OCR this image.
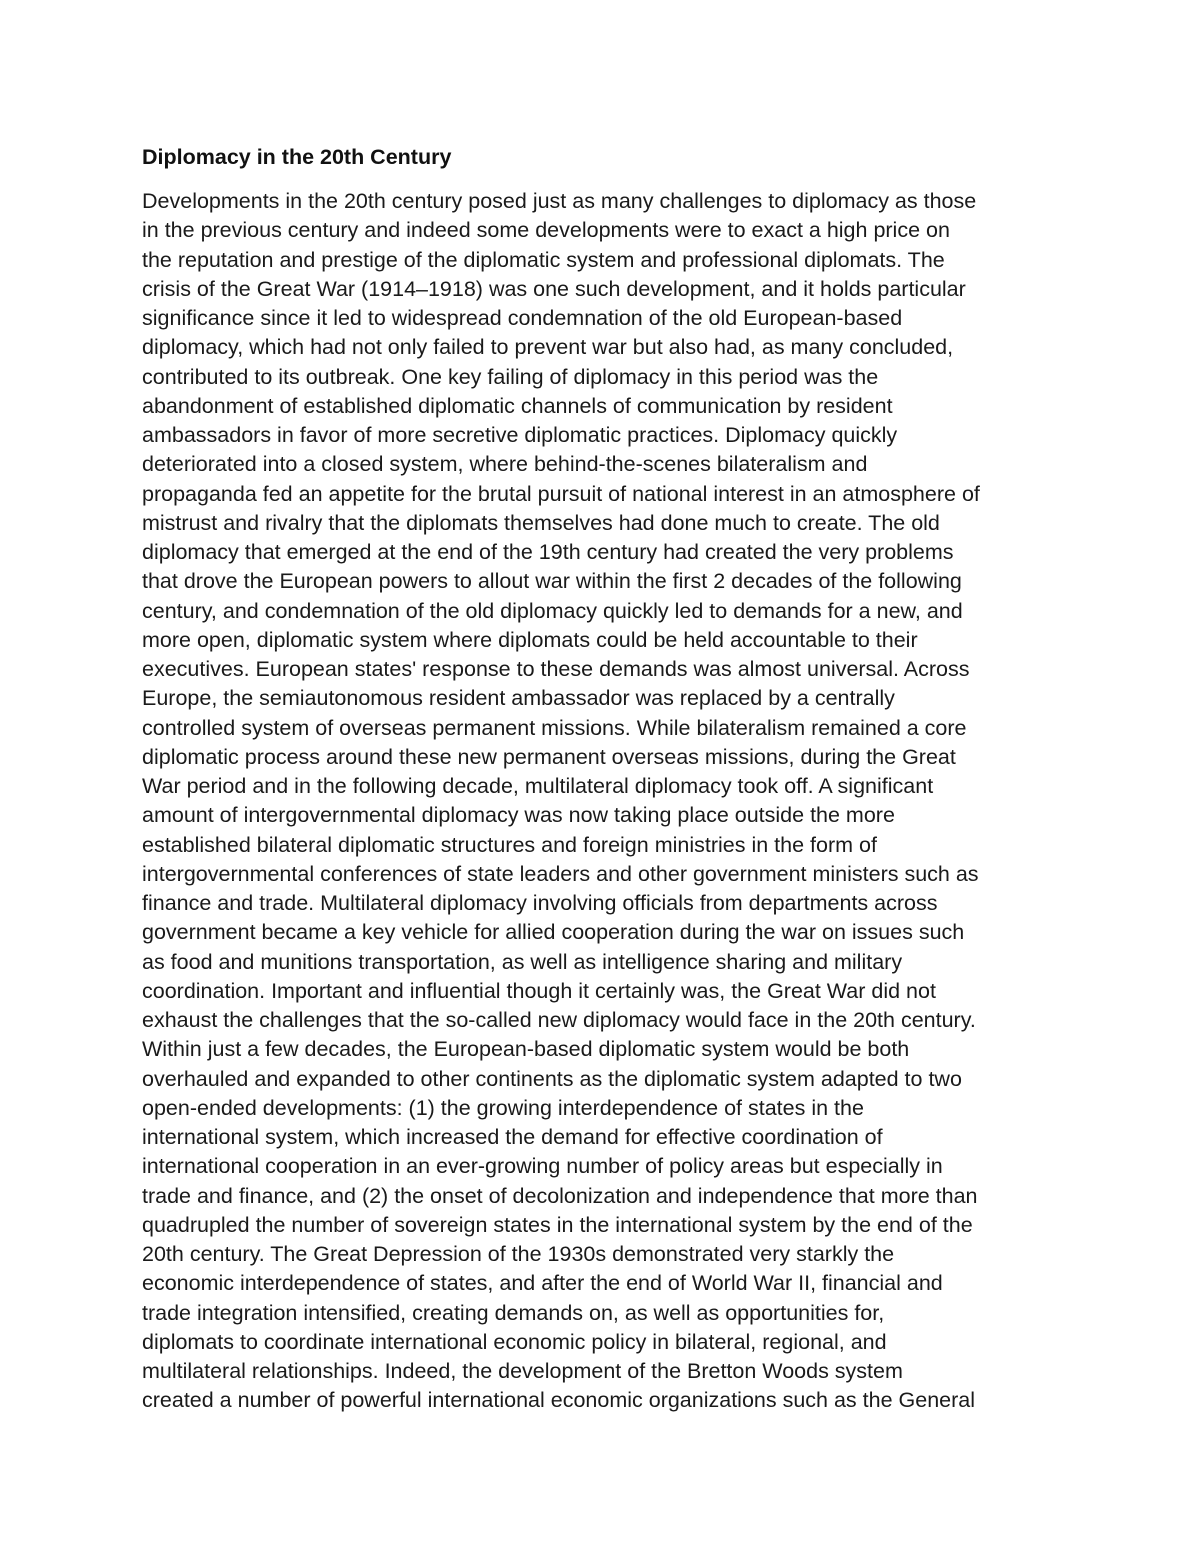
Diplomacy in the 20th Century
Developments in the 20th century posed just as many challenges to diplomacy as those
in the previous century and indeed some developments were to exact a high price on
the reputation and prestige of the diplomatic system and professional diplomats. The
crisis of the Great War (1914–1918) was one such development, and it holds particular
significance since it led to widespread condemnation of the old European-based
diplomacy, which had not only failed to prevent war but also had, as many concluded,
contributed to its outbreak. One key failing of diplomacy in this period was the
abandonment of established diplomatic channels of communication by resident
ambassadors in favor of more secretive diplomatic practices. Diplomacy quickly
deteriorated into a closed system, where behind-the-scenes bilateralism and
propaganda fed an appetite for the brutal pursuit of national interest in an atmosphere of
mistrust and rivalry that the diplomats themselves had done much to create. The old
diplomacy that emerged at the end of the 19th century had created the very problems
that drove the European powers to allout war within the first 2 decades of the following
century, and condemnation of the old diplomacy quickly led to demands for a new, and
more open, diplomatic system where diplomats could be held accountable to their
executives. European states' response to these demands was almost universal. Across
Europe, the semiautonomous resident ambassador was replaced by a centrally
controlled system of overseas permanent missions. While bilateralism remained a core
diplomatic process around these new permanent overseas missions, during the Great
War period and in the following decade, multilateral diplomacy took off. A significant
amount of intergovernmental diplomacy was now taking place outside the more
established bilateral diplomatic structures and foreign ministries in the form of
intergovernmental conferences of state leaders and other government ministers such as
finance and trade. Multilateral diplomacy involving officials from departments across
government became a key vehicle for allied cooperation during the war on issues such
as food and munitions transportation, as well as intelligence sharing and military
coordination. Important and influential though it certainly was, the Great War did not
exhaust the challenges that the so-called new diplomacy would face in the 20th century.
Within just a few decades, the European-based diplomatic system would be both
overhauled and expanded to other continents as the diplomatic system adapted to two
open-ended developments: (1) the growing interdependence of states in the
international system, which increased the demand for effective coordination of
international cooperation in an ever-growing number of policy areas but especially in
trade and finance, and (2) the onset of decolonization and independence that more than
quadrupled the number of sovereign states in the international system by the end of the
20th century. The Great Depression of the 1930s demonstrated very starkly the
economic interdependence of states, and after the end of World War II, financial and
trade integration intensified, creating demands on, as well as opportunities for,
diplomats to coordinate international economic policy in bilateral, regional, and
multilateral relationships. Indeed, the development of the Bretton Woods system
created a number of powerful international economic organizations such as the General
